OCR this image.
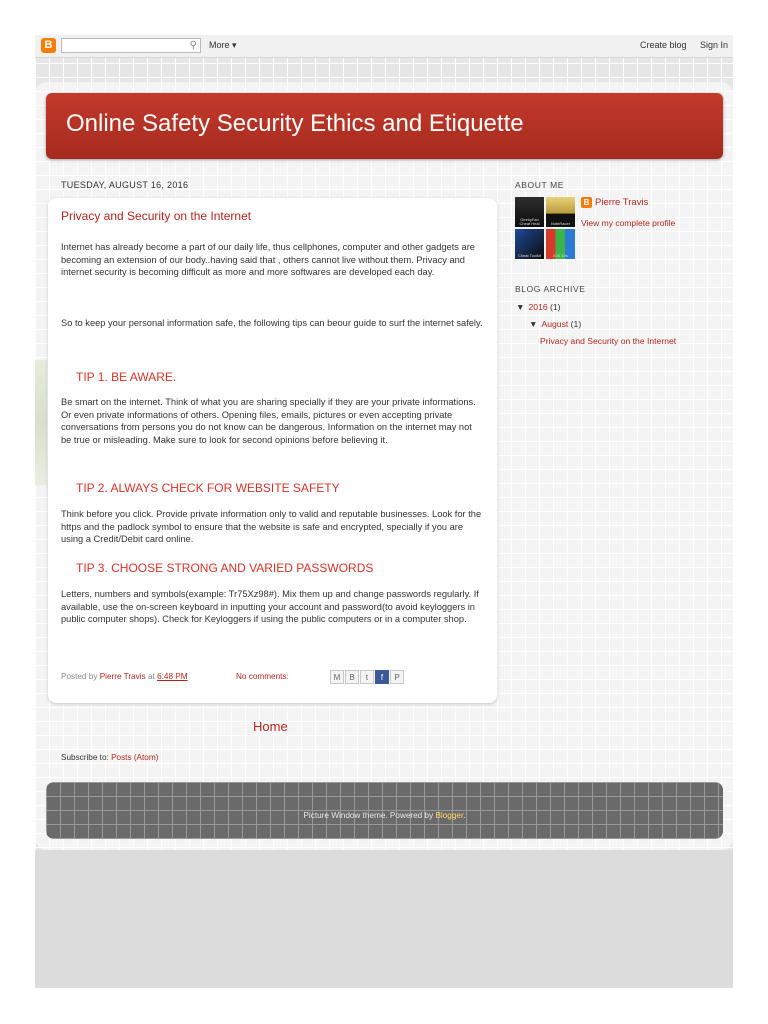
B	⚲ More ▾	Create blog Sign In
Online Safety Security Ethics and Etiquette
TUESDAY, AUGUST 16, 2016
Privacy and Security on the Internet

Internet has already become a part of our daily life, thus cellphones, computer and other gadgets are becoming an extension of our body..having said that , others cannot live without them. Privacy and internet security is becoming difficult as more and more softwares are developed each day.

So to keep your personal information safe, the following tips can beour guide to surf the internet safely.

TIP 1. BE AWARE.

Be smart on the internet. Think of what you are sharing specially if they are your private informations. Or even private informations of others. Opening files, emails, pictures or even accepting private conversations from persons you do not know can be dangerous. Information on the internet may not be true or misleading. Make sure to look for second opinions before believing it.

TIP 2. ALWAYS CHECK FOR WEBSITE SAFETY

Think before you click. Provide private information only to valid and reputable businesses. Look for the https and the padlock symbol to ensure that the website is safe and encrypted, specially if you are using a Credit/Debit card online.

TIP 3. CHOOSE STRONG AND VARIED PASSWORDS

Letters, numbers and symbols(example: Tr75Xz98#). Mix them up and change passwords regularly. If available, use the on-screen keyboard in inputting your account and password(to avoid keyloggers in public computer shops). Check for Keyloggers if using the public computers or in a computer shop.

Posted by Pierre Travis at 6:48 PM	No comments:	M	B	t	f	P
Home
Subscribe to: Posts (Atom)
Picture Window theme. Powered by Blogger.
ABOUT ME
GeekyFan Cheat Heal	NoteRacer
Cheat Toolkit	iOS 10s
B Pierre Travis
View my complete profile
BLOG ARCHIVE
▼ 2016 (1)
▼ August (1)
Privacy and Security on the Internet
